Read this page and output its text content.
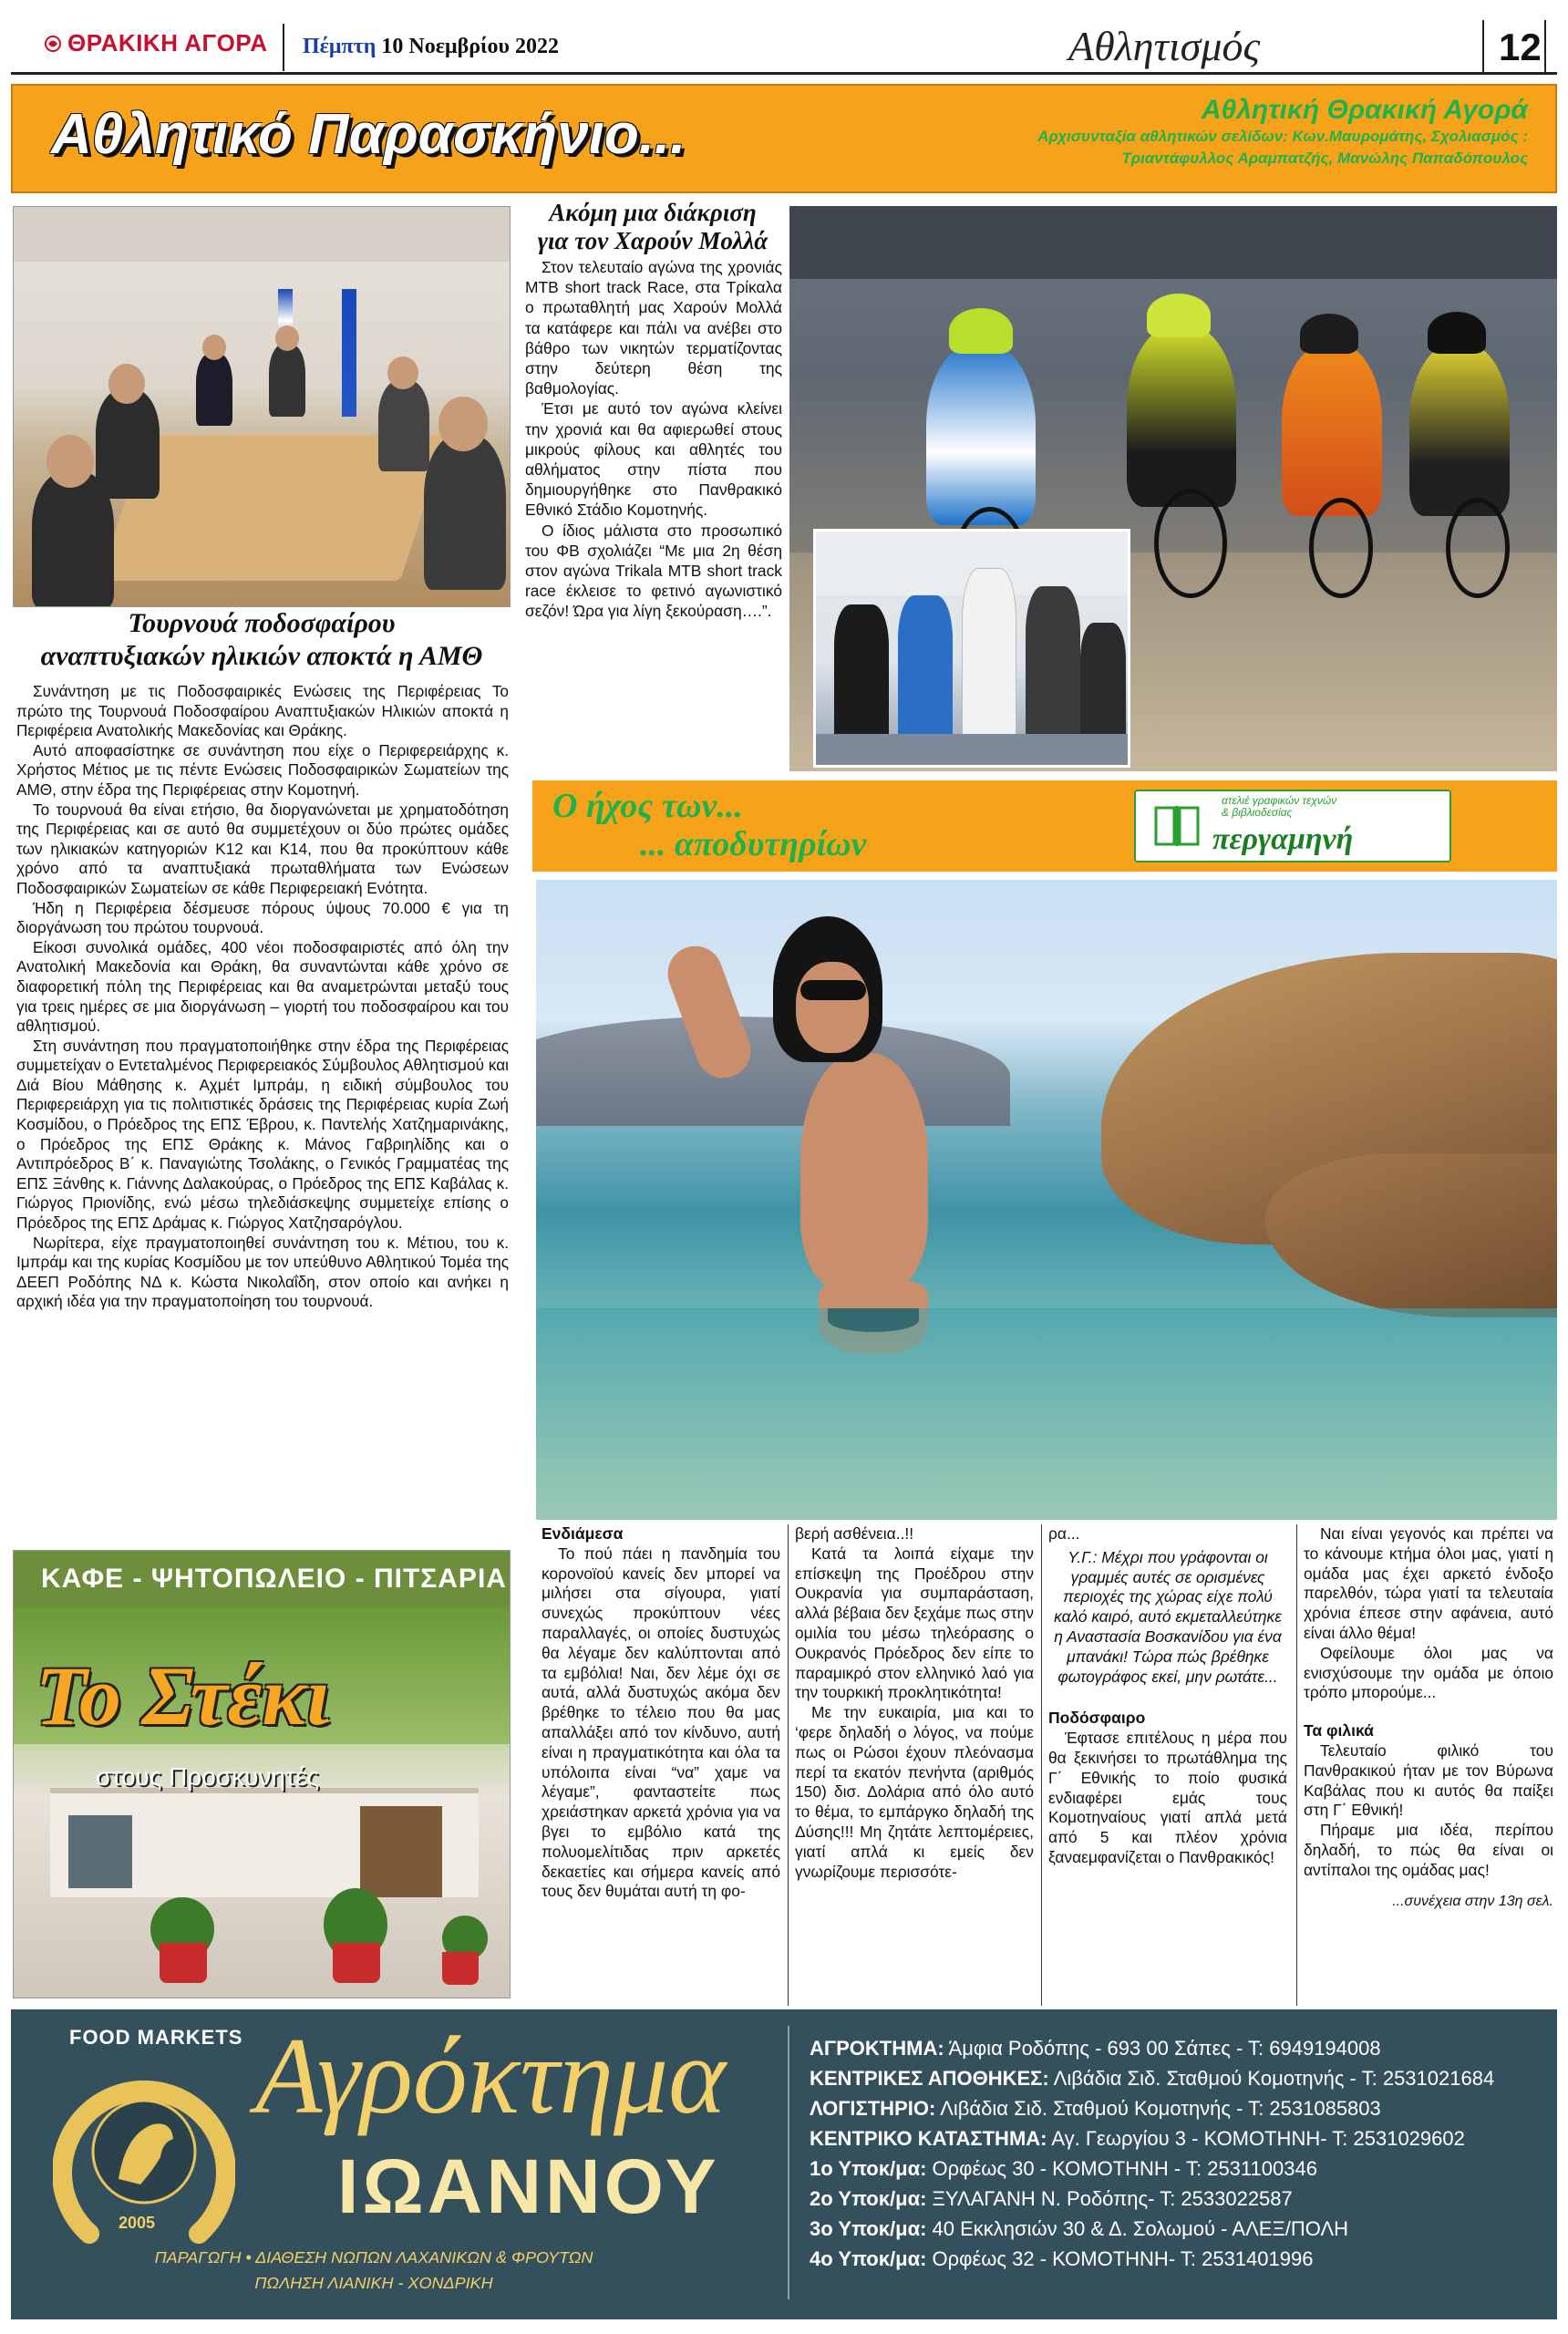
ΘΡΑΚΙΚΗ ΑΓΟΡΑ Πέμπτη 10 Νοεμβρίου 2022	Αθλητισμός	12
Αθλητικό Παρασκήνιο...	Αθλητική Θρακική Αγορά
Αρχισυνταξία αθλητικών σελίδων: Κων.Μαυρομάτης, Σχολιασμός :
Τριαντάφυλλος Αραμπατζής, Μανώλης Παπαδόπουλος
Τουρνουά ποδοσφαίρου
αναπτυξιακών ηλικιών αποκτά η ΑΜΘ

Συνάντηση με τις Ποδοσφαιρικές Ενώσεις της Περιφέρειας Το πρώτο της Τουρνουά Ποδοσφαίρου Αναπτυξιακών Ηλικιών αποκτά η Περιφέρεια Ανατολικής Μακεδονίας και Θράκης.

Αυτό αποφασίστηκε σε συνάντηση που είχε ο Περιφερειάρχης κ. Χρήστος Μέτιος με τις πέντε Ενώσεις Ποδοσφαιρικών Σωματείων της ΑΜΘ, στην έδρα της Περιφέρειας στην Κομοτηνή.

Το τουρνουά θα είναι ετήσιο, θα διοργανώνεται με χρηματοδότηση της Περιφέρειας και σε αυτό θα συμμετέχουν οι δύο πρώτες ομάδες των ηλικιακών κατηγοριών Κ12 και Κ14, που θα προκύπτουν κάθε χρόνο από τα αναπτυξιακά πρωταθλήματα των Ενώσεων Ποδοσφαιρικών Σωματείων σε κάθε Περιφερειακή Ενότητα.

Ήδη η Περιφέρεια δέσμευσε πόρους ύψους 70.000 € για τη διοργάνωση του πρώτου τουρνουά.

Είκοσι συνολικά ομάδες, 400 νέοι ποδοσφαιριστές από όλη την Ανατολική Μακεδονία και Θράκη, θα συναντώνται κάθε χρόνο σε διαφορετική πόλη της Περιφέρειας και θα αναμετρώνται μεταξύ τους για τρεις ημέρες σε μια διοργάνωση – γιορτή του ποδοσφαίρου και του αθλητισμού.

Στη συνάντηση που πραγματοποιήθηκε στην έδρα της Περιφέρειας συμμετείχαν ο Εντεταλμένος Περιφερειακός Σύμβουλος Αθλητισμού και Διά Βίου Μάθησης κ. Αχμέτ Ιμπράμ, η ειδική σύμβουλος του Περιφερειάρχη για τις πολιτιστικές δράσεις της Περιφέρειας κυρία Ζωή Κοσμίδου, ο Πρόεδρος της ΕΠΣ Έβρου, κ. Παντελής Χατζημαρινάκης, ο Πρόεδρος της ΕΠΣ Θράκης κ. Μάνος Γαβριηλίδης και ο Αντιπρόεδρος Β΄ κ. Παναγιώτης Τσολάκης, ο Γενικός Γραμματέας της ΕΠΣ Ξάνθης κ. Γιάννης Δαλακούρας, ο Πρόεδρος της ΕΠΣ Καβάλας κ. Γιώργος Πριονίδης, ενώ μέσω τηλεδιάσκεψης συμμετείχε επίσης ο Πρόεδρος της ΕΠΣ Δράμας κ. Γιώργος Χατζησαρόγλου.

Νωρίτερα, είχε πραγματοποιηθεί συνάντηση του κ. Μέτιου, του κ. Ιμπράμ και της κυρίας Κοσμίδου με τον υπεύθυνο Αθλητικού Τομέα της ΔΕΕΠ Ροδόπης ΝΔ κ. Κώστα Νικολαΐδη, στον οποίο και ανήκει η αρχική ιδέα για την πραγματοποίηση του τουρνουά.

Ακόμη μια διάκριση
για τον Χαρούν Μολλά

Στον τελευταίο αγώνα της χρονιάς MTB short track Race, στα Τρίκαλα ο πρωταθλητή μας Χαρούν Μολλά τα κατάφερε και πάλι να ανέβει στο βάθρο των νικητών τερματίζοντας στην δεύτερη θέση της βαθμολογίας.

Έτσι με αυτό τον αγώνα κλείνει την χρονιά και θα αφιερωθεί στους μικρούς φίλους και αθλητές του αθλήματος στην πίστα που δημιουργήθηκε στο Πανθρακικό Εθνικό Στάδιο Κομοτηνής.

Ο ίδιος μάλιστα στο προσωπικό του ΦΒ σχολιάζει “Με μια 2η θέση στον αγώνα Trikala MTB short track race έκλεισε το φετινό αγωνιστικό σεζόν! Ώρα για λίγη ξεκούραση….”.

Ο ήχος των...
... αποδυτηρίων
ατελιέ γραφικών τεχνών
& βιβλιοδεσίας
περγαμηνή
ΚΑΦΕ - ΨΗΤΟΠΩΛΕΙΟ - ΠΙΤΣΑΡΙΑ
Το Στέκι
στους Προσκυνητές
Ενδιάμεσα

Το πού πάει η πανδημία του κορονοϊού κανείς δεν μπορεί να μιλήσει στα σίγουρα, γιατί συνεχώς προκύπτουν νέες παραλλαγές, οι οποίες δυστυχώς θα λέγαμε δεν καλύπτονται από τα εμβόλια! Ναι, δεν λέμε όχι σε αυτά, αλλά δυστυχώς ακόμα δεν βρέθηκε το τέλειο που θα μας απαλλάξει από τον κίνδυνο, αυτή είναι η πραγματικότητα και όλα τα υπόλοιπα είναι “να” χαμε να λέγαμε”, φανταστείτε πως χρειάστηκαν αρκετά χρόνια για να βγει το εμβόλιο κατά της πολυομελίτιδας πριν αρκετές δεκαετίες και σήμερα κανείς από τους δεν θυμάται αυτή τη φο-

βερή ασθένεια..!!

Κατά τα λοιπά είχαμε την επίσκεψη της Προέδρου στην Ουκρανία για συμπαράσταση, αλλά βέβαια δεν ξεχάμε πως στην ομιλία του μέσω τηλεόρασης ο Ουκρανός Πρόεδρος δεν είπε το παραμικρό στον ελληνικό λαό για την τουρκική προκλητικότητα!

Με την ευκαιρία, μια και το ‘φερε δηλαδή ο λόγος, να πούμε πως οι Ρώσοι έχουν πλεόνασμα περί τα εκατόν πενήντα (αριθμός 150) δισ. Δολάρια από όλο αυτό το θέμα, το εμπάργκο δηλαδή της Δύσης!!! Μη ζητάτε λεπτομέρειες, γιατί απλά κι εμείς δεν γνωρίζουμε περισσότε-

ρα...
Υ.Γ.: Μέχρι που γράφονται οι γραμμές αυτές σε ορισμένες περιοχές της χώρας είχε πολύ καλό καιρό, αυτό εκμεταλλεύτηκε η Αναστασία Βοσκανίδου για ένα μπανάκι! Τώρα πώς βρέθηκε φωτογράφος εκεί, μην ρωτάτε...
Ποδόσφαιρο

Έφτασε επιτέλους η μέρα που θα ξεκινήσει το πρωτάθλημα της Γ΄ Εθνικής το ποίο φυσικά ενδιαφέρει εμάς τους Κομοτηναίους γιατί απλά μετά από 5 και πλέον χρόνια ξαναεμφανίζεται ο Πανθρακικός!

Ναι είναι γεγονός και πρέπει να το κάνουμε κτήμα όλοι μας, γιατί η ομάδα μας έχει αρκετό ένδοξο παρελθόν, τώρα γιατί τα τελευταία χρόνια έπεσε στην αφάνεια, αυτό είναι άλλο θέμα!

Οφείλουμε όλοι μας να ενισχύσουμε την ομάδα με όποιο τρόπο μπορούμε...

Τα φιλικά

Τελευταίο φιλικό του Πανθρακικού ήταν με τον Βύρωνα Καβάλας που κι αυτός θα παίξει στη Γ΄ Εθνική!

Πήραμε μια ιδέα, περίπου δηλαδή, το πώς θα είναι οι αντίπαλοι της ομάδας μας!

...συνέχεια στην 13η σελ.
FOOD MARKETS
2005
Αγρόκτημα
ΙΩΑΝΝΟΥ
ΠΑΡΑΓΩΓΗ • ΔΙΑΘΕΣΗ ΝΩΠΩΝ ΛΑΧΑΝΙΚΩΝ & ΦΡΟΥΤΩΝ
ΠΩΛΗΣΗ ΛΙΑΝΙΚΗ - ΧΟΝΔΡΙΚΗ
ΑΓΡΟΚΤΗΜΑ: Άμφια Ροδόπης - 693 00 Σάπες - Τ: 6949194008
ΚΕΝΤΡΙΚΕΣ ΑΠΟΘΗΚΕΣ: Λιβάδια Σιδ. Σταθμού Κομοτηνής - Τ: 2531021684
ΛΟΓΙΣΤΗΡΙΟ: Λιβάδια Σιδ. Σταθμού Κομοτηνής - Τ: 2531085803
ΚΕΝΤΡΙΚΟ ΚΑΤΑΣΤΗΜΑ: Αγ. Γεωργίου 3 - ΚΟΜΟΤΗΝΗ- Τ: 2531029602
1ο Υποκ/μα: Ορφέως 30 - ΚΟΜΟΤΗΝΗ - Τ: 2531100346
2ο Υποκ/μα: ΞΥΛΑΓΑΝΗ Ν. Ροδόπης- Τ: 2533022587
3ο Υποκ/μα: 40 Εκκλησιών 30 & Δ. Σολωμού - ΑΛΕΞ/ΠΟΛΗ
4ο Υποκ/μα: Ορφέως 32 - ΚΟΜΟΤΗΝΗ- Τ: 2531401996
